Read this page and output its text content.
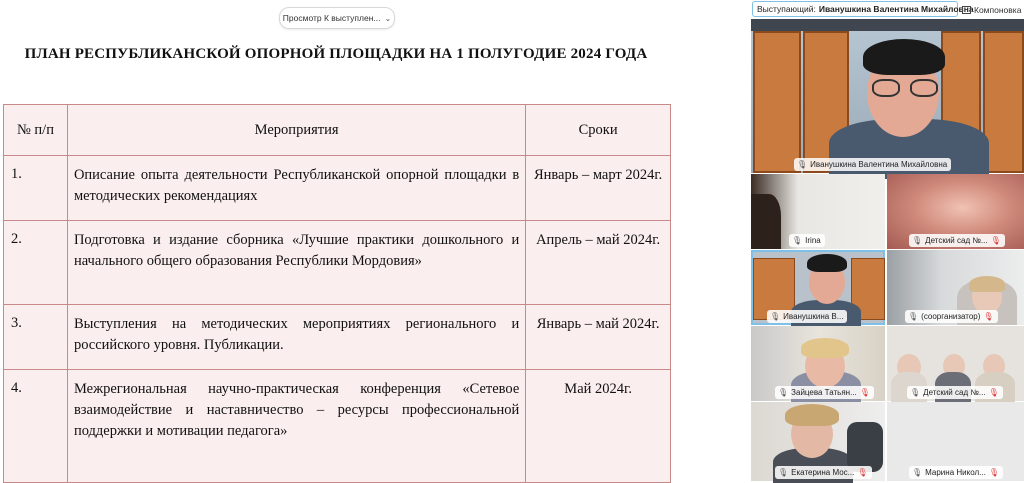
Просмотр К выступлен... ⌄
ПЛАН РЕСПУБЛИКАНСКОЙ ОПОРНОЙ ПЛОЩАДКИ НА 1 ПОЛУГОДИЕ 2024 ГОДА
№ п/п	Мероприятия	Сроки
1.	Описание опыта деятельности Республиканской опорной площадки в методических рекомендациях	Январь – март 2024г.
2.	Подготовка и издание сборника «Лучшие практики дошкольного и начального общего образования Республики Мордовия»	Апрель – май 2024г.
3.	Выступления на методических мероприятиях регионального и российского уровня. Публикации.	Январь – май 2024г.
4.	Межрегиональная научно-практическая конференция «Сетевое взаимодействие и наставничество – ресурсы профессиональной поддержки и мотивации педагога»	Май 2024г.
Выступающий: Иванушкина Валентина Михайловна Компоновка
🎙 Иванушкина Валентина Михайловна
🎙 Irina	🎙 Детский сад №... 🎙
🎙 Иванушкина В...	🎙 (соорганизатор) 🎙
🎙 Зайцева Татьян... 🎙	🎙 Детский сад №... 🎙
🎙 Екатерина Мос... 🎙	🎙 Марина Никол... 🎙
